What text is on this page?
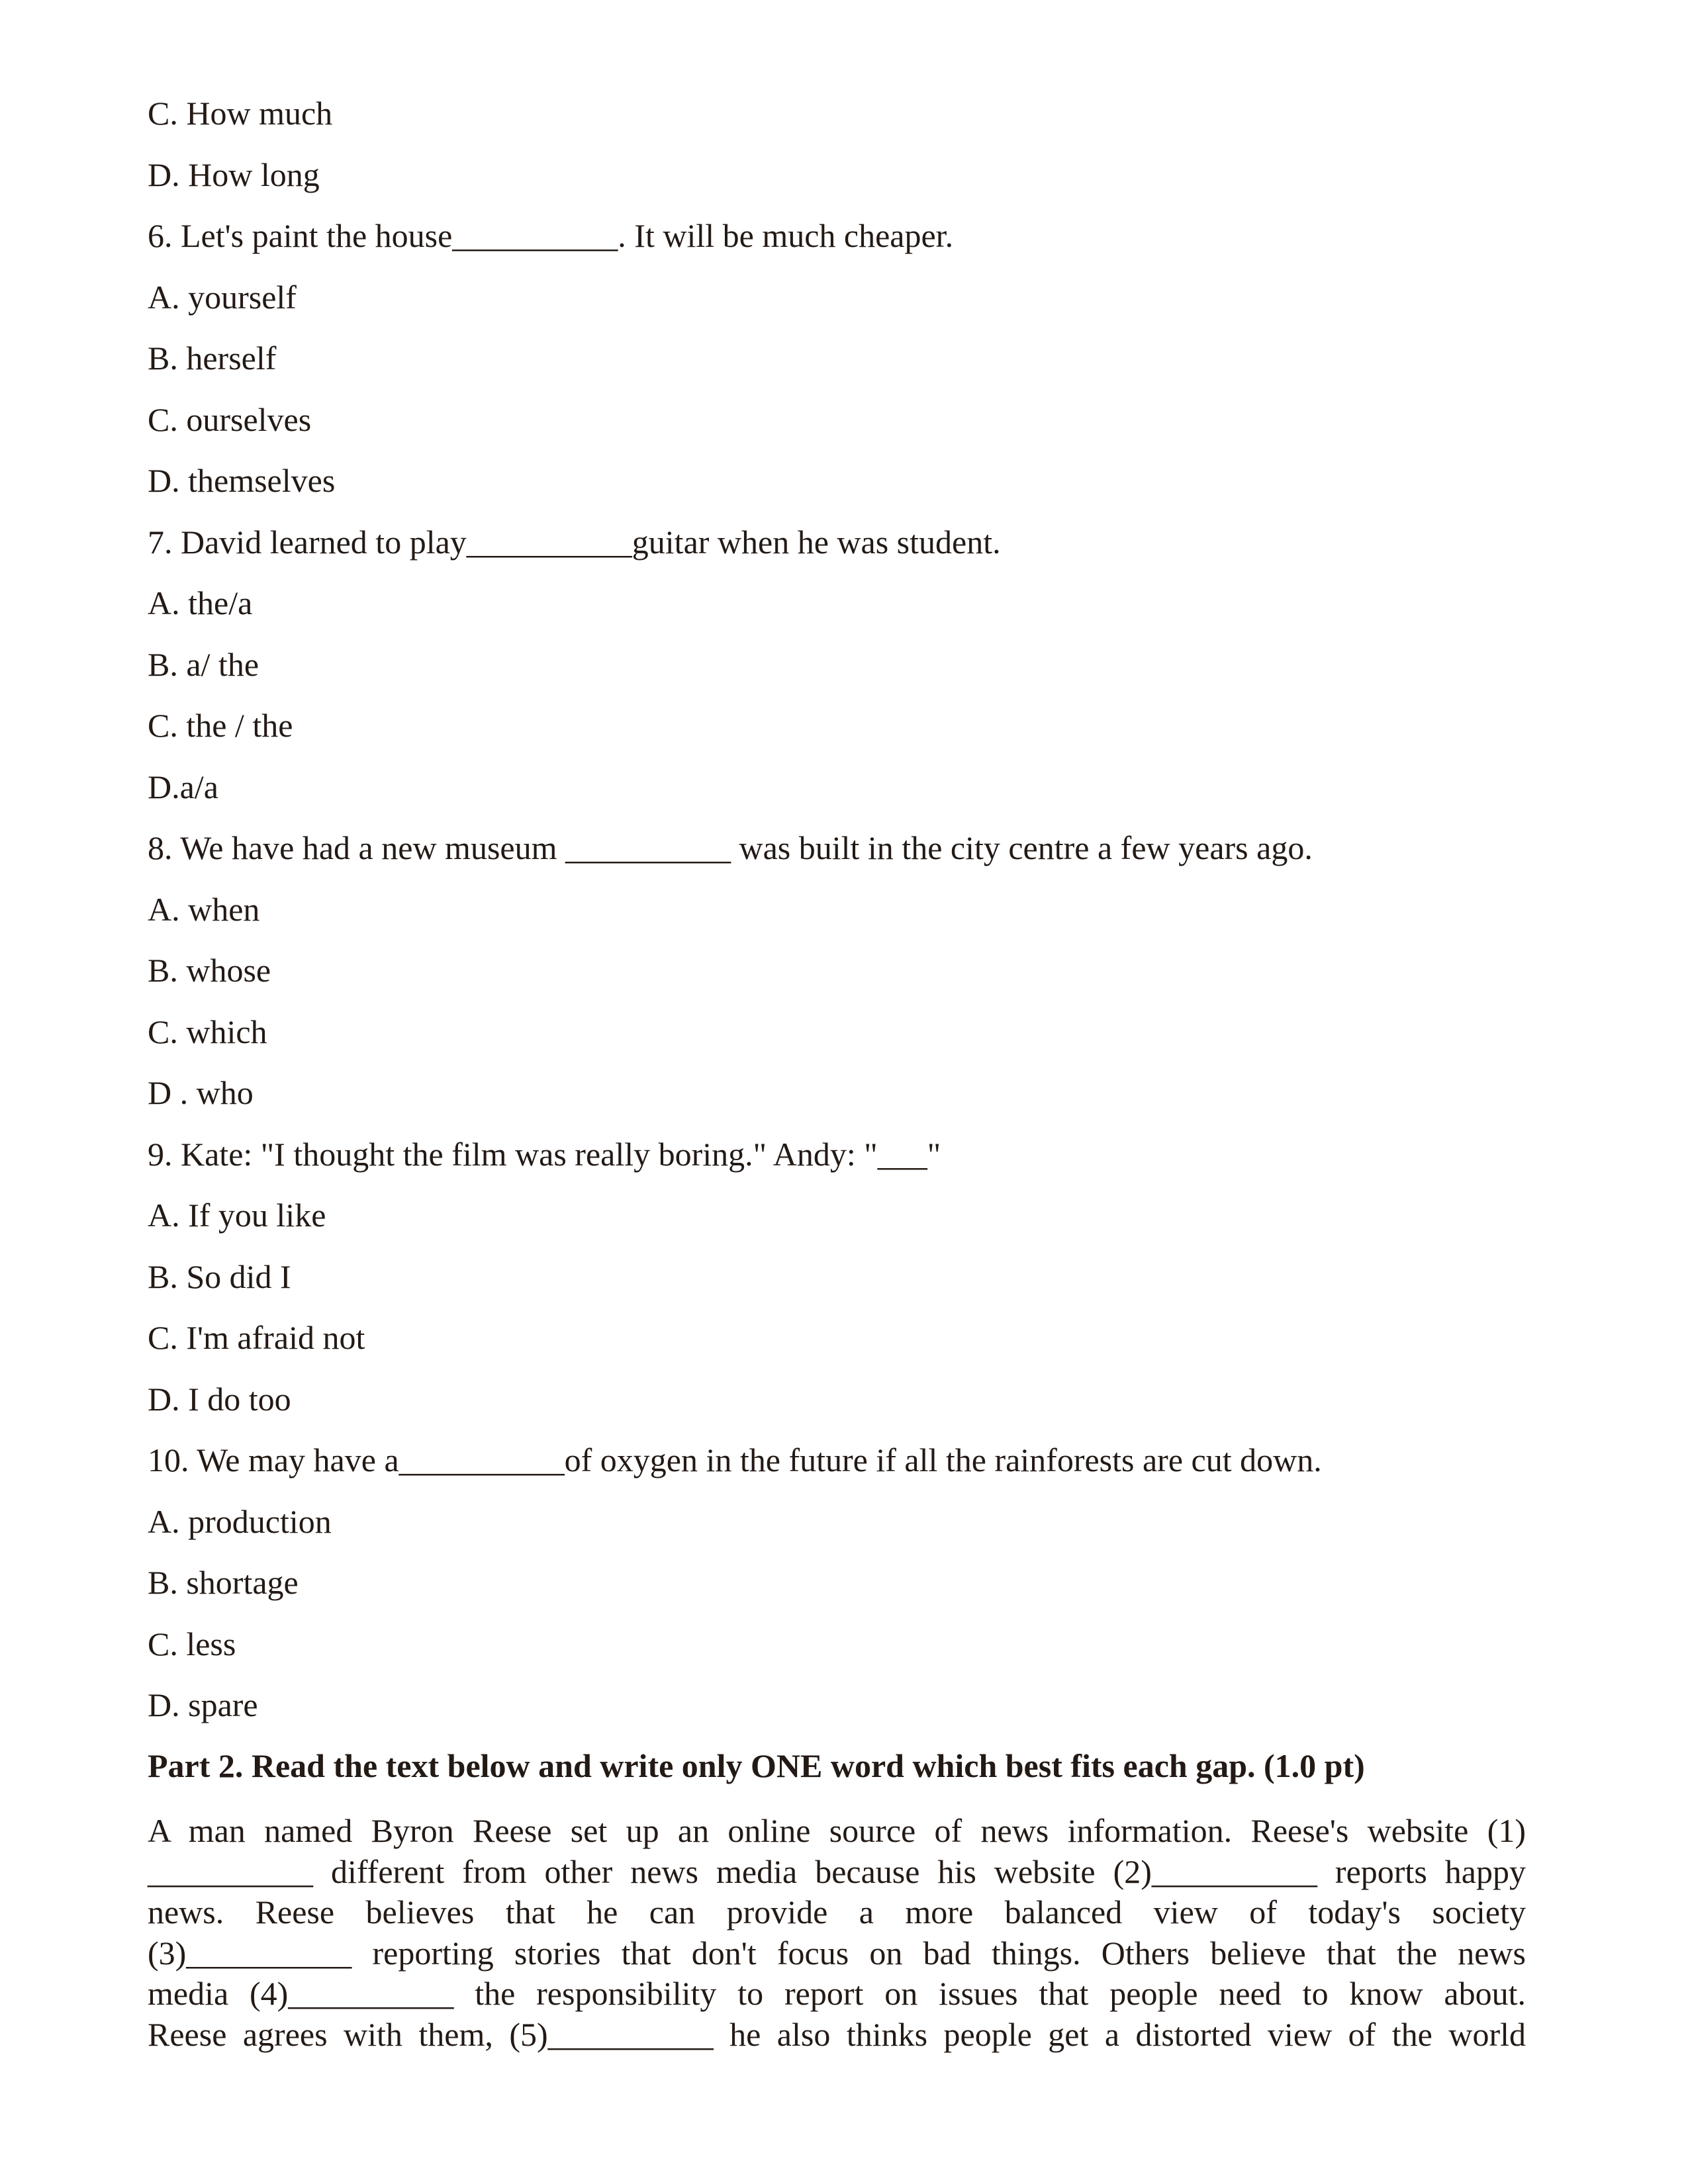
C. How much
D. How long
6. Let's paint the house__________. It will be much cheaper.
A. yourself
B. herself
C. ourselves
D. themselves
7. David learned to play__________guitar when he was student.
A. the/a
B. a/ the
C. the / the
D.a/a
8. We have had a new museum __________ was built in the city centre a few years ago.
A. when
B. whose
C. which
D . who
9. Kate: "I thought the film was really boring." Andy: "___"
A. If you like
B. So did I
C. I'm afraid not
D. I do too
10. We may have a__________of oxygen in the future if all the rainforests are cut down.
A. production
B. shortage
C. less
D. spare
Part 2. Read the text below and write only ONE word which best fits each gap. (1.0 pt)
A man named Byron Reese set up an online source of news information. Reese's website (1)
__________ different from other news media because his website (2)__________ reports happy
news. Reese believes that he can provide a more balanced view of today's society
(3)__________ reporting stories that don't focus on bad things. Others believe that the news
media (4)__________ the responsibility to report on issues that people need to know about.
Reese agrees with them, (5)__________ he also thinks people get a distorted view of the world
